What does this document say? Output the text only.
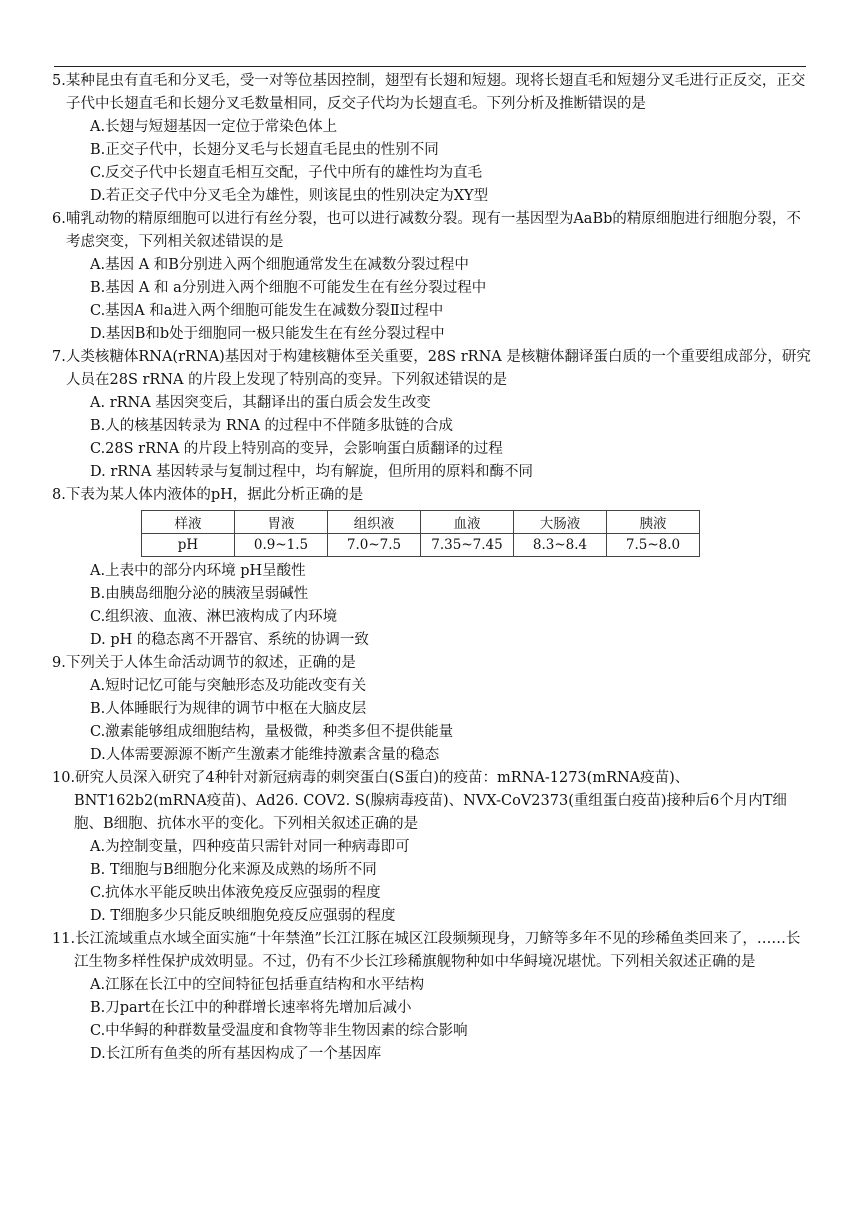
5.某种昆虫有直毛和分叉毛，受一对等位基因控制，翅型有长翅和短翅。现将长翅直毛和短翅分叉毛进行正反交，正交子代中长翅直毛和长翅分叉毛数量相同，反交子代均为长翅直毛。下列分析及推断错误的是
A.长翅与短翅基因一定位于常染色体上
B.正交子代中，长翅分叉毛与长翅直毛昆虫的性别不同
C.反交子代中长翅直毛相互交配，子代中所有的雄性均为直毛
D.若正交子代中分叉毛全为雄性，则该昆虫的性别决定为XY型
6.哺乳动物的精原细胞可以进行有丝分裂，也可以进行减数分裂。现有一基因型为AaBb的精原细胞进行细胞分裂，不考虑突变，下列相关叙述错误的是
A.基因 A 和B分别进入两个细胞通常发生在减数分裂过程中
B.基因 A 和 a分别进入两个细胞不可能发生在有丝分裂过程中
C.基因A 和a进入两个细胞可能发生在减数分裂Ⅱ过程中
D.基因B和b处于细胞同一极只能发生在有丝分裂过程中
7.人类核糖体RNA(rRNA)基因对于构建核糖体至关重要，28S rRNA 是核糖体翻译蛋白质的一个重要组成部分，研究人员在28S rRNA 的片段上发现了特别高的变异。下列叙述错误的是
A. rRNA 基因突变后，其翻译出的蛋白质会发生改变
B.人的核基因转录为 RNA 的过程中不伴随多肽链的合成
C.28S rRNA 的片段上特别高的变异，会影响蛋白质翻译的过程
D. rRNA 基因转录与复制过程中，均有解旋，但所用的原料和酶不同
8.下表为某人体内液体的pH，据此分析正确的是
样液	胃液	组织液	血液	大肠液	胰液
pH	0.9~1.5	7.0~7.5	7.35~7.45	8.3~8.4	7.5~8.0
A.上表中的部分内环境 pH呈酸性
B.由胰岛细胞分泌的胰液呈弱碱性
C.组织液、血液、淋巴液构成了内环境
D. pH 的稳态离不开器官、系统的协调一致
9.下列关于人体生命活动调节的叙述，正确的是
A.短时记忆可能与突触形态及功能改变有关
B.人体睡眠行为规律的调节中枢在大脑皮层
C.激素能够组成细胞结构，量极微，种类多但不提供能量
D.人体需要源源不断产生激素才能维持激素含量的稳态
10.研究人员深入研究了4种针对新冠病毒的刺突蛋白(S蛋白)的疫苗：mRNA-1273(mRNA疫苗)、BNT162b2(mRNA疫苗)、Ad26. COV2. S(腺病毒疫苗)、NVX-CoV2373(重组蛋白疫苗)接种后6个月内T细胞、B细胞、抗体水平的变化。下列相关叙述正确的是
A.为控制变量，四种疫苗只需针对同一种病毒即可
B. T细胞与B细胞分化来源及成熟的场所不同
C.抗体水平能反映出体液免疫反应强弱的程度
D. T细胞多少只能反映细胞免疫反应强弱的程度
11.长江流域重点水域全面实施“十年禁渔”长江江豚在城区江段频频现身，刀鲚等多年不见的珍稀鱼类回来了，……长江生物多样性保护成效明显。不过，仍有不少长江珍稀旗舰物种如中华鲟境况堪忧。下列相关叙述正确的是
A.江豚在长江中的空间特征包括垂直结构和水平结构
B.刀part在长江中的种群增长速率将先增加后减小
C.中华鲟的种群数量受温度和食物等非生物因素的综合影响
D.长江所有鱼类的所有基因构成了一个基因库
